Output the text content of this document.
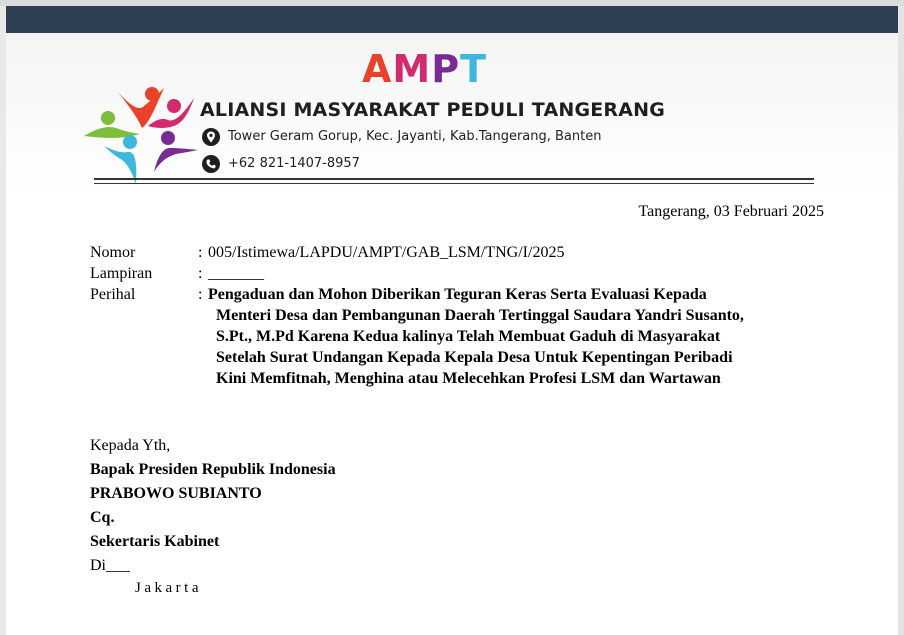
AMPT
ALIANSI MASYARAKAT PEDULI TANGERANG
Tower Geram Gorup, Kec. Jayanti, Kab.Tangerang, Banten
+62 821-1407-8957
Tangerang, 03 Februari 2025
Nomor	: 005/Istimewa/LAPDU/AMPT/GAB_LSM/TNG/I/2025
Lampiran	: _______
Perihal	: Pengaduan dan Mohon Diberikan Teguran Keras Serta Evaluasi Kepada
Menteri Desa dan Pembangunan Daerah Tertinggal Saudara Yandri Susanto,
S.Pt., M.Pd Karena Kedua kalinya Telah Membuat Gaduh di Masyarakat
Setelah Surat Undangan Kepada Kepala Desa Untuk Kepentingan Peribadi
Kini Memfitnah, Menghina atau Melecehkan Profesi LSM dan Wartawan
Kepada Yth,
Bapak Presiden Republik Indonesia
PRABOWO SUBIANTO
Cq.
Sekertaris Kabinet
Di___
Jakarta
